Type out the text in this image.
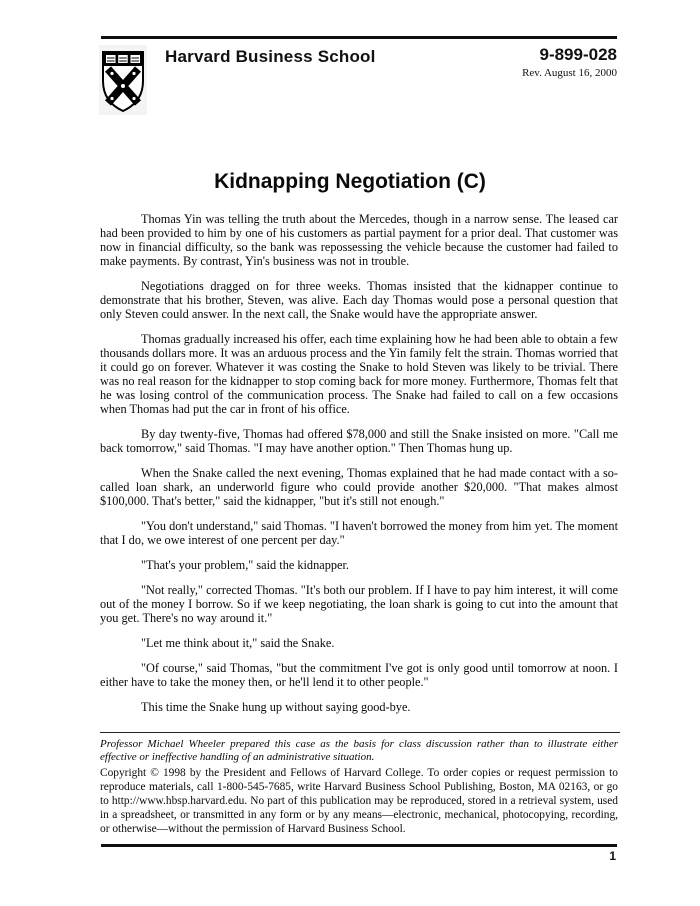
Harvard Business School	9-899-028
Rev. August 16, 2000
Kidnapping Negotiation (C)

Thomas Yin was telling the truth about the Mercedes, though in a narrow sense. The leased car had been provided to him by one of his customers as partial payment for a prior deal. That customer was now in financial difficulty, so the bank was repossessing the vehicle because the customer had failed to make payments. By contrast, Yin's business was not in trouble.

Negotiations dragged on for three weeks. Thomas insisted that the kidnapper continue to demonstrate that his brother, Steven, was alive. Each day Thomas would pose a personal question that only Steven could answer. In the next call, the Snake would have the appropriate answer.

Thomas gradually increased his offer, each time explaining how he had been able to obtain a few thousands dollars more. It was an arduous process and the Yin family felt the strain. Thomas worried that it could go on forever. Whatever it was costing the Snake to hold Steven was likely to be trivial. There was no real reason for the kidnapper to stop coming back for more money. Furthermore, Thomas felt that he was losing control of the communication process. The Snake had failed to call on a few occasions when Thomas had put the car in front of his office.

By day twenty-five, Thomas had offered $78,000 and still the Snake insisted on more. "Call me back tomorrow," said Thomas. "I may have another option." Then Thomas hung up.

When the Snake called the next evening, Thomas explained that he had made contact with a so-called loan shark, an underworld figure who could provide another $20,000. "That makes almost $100,000. That's better," said the kidnapper, "but it's still not enough."

"You don't understand," said Thomas. "I haven't borrowed the money from him yet. The moment that I do, we owe interest of one percent per day."

"That's your problem," said the kidnapper.

"Not really," corrected Thomas. "It's both our problem. If I have to pay him interest, it will come out of the money I borrow. So if we keep negotiating, the loan shark is going to cut into the amount that you get. There's no way around it."

"Let me think about it," said the Snake.

"Of course," said Thomas, "but the commitment I've got is only good until tomorrow at noon. I either have to take the money then, or he'll lend it to other people."

This time the Snake hung up without saying good-bye.

Professor Michael Wheeler prepared this case as the basis for class discussion rather than to illustrate either effective or ineffective handling of an administrative situation.

Copyright © 1998 by the President and Fellows of Harvard College. To order copies or request permission to reproduce materials, call 1-800-545-7685, write Harvard Business School Publishing, Boston, MA 02163, or go to http://www.hbsp.harvard.edu. No part of this publication may be reproduced, stored in a retrieval system, used in a spreadsheet, or transmitted in any form or by any means—electronic, mechanical, photocopying, recording, or otherwise—without the permission of Harvard Business School.

1
